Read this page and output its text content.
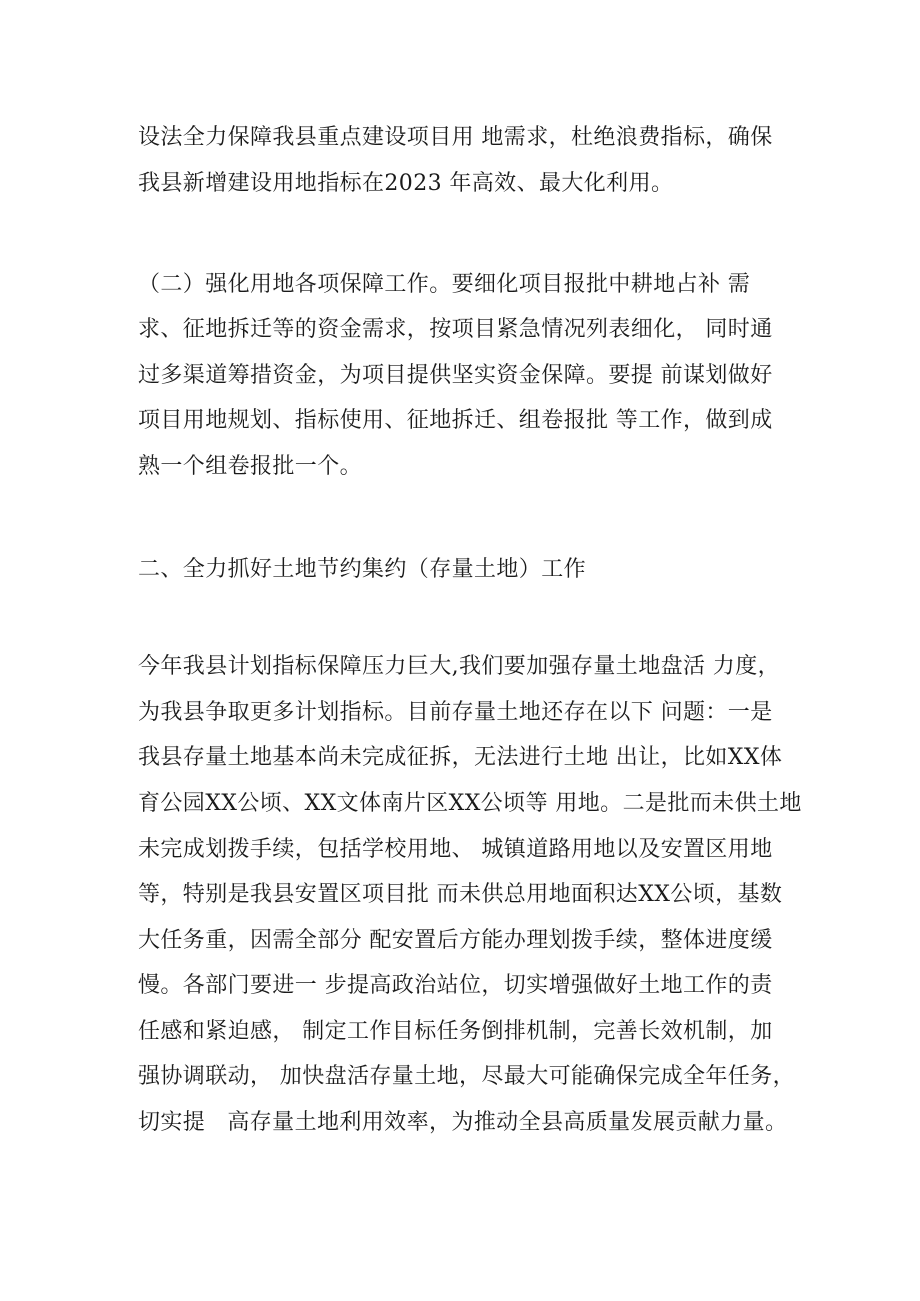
设法全力保障我县重点建设项目用 地需求，杜绝浪费指标，确保
我县新增建设用地指标在2023 年高效、最大化利用。
（二）强化用地各项保障工作。要细化项目报批中耕地占补 需
求、征地拆迁等的资金需求，按项目紧急情况列表细化， 同时通
过多渠道筹措资金，为项目提供坚实资金保障。要提 前谋划做好
项目用地规划、指标使用、征地拆迁、组卷报批 等工作，做到成
熟一个组卷报批一个。
二、全力抓好土地节约集约（存量土地）工作
今年我县计划指标保障压力巨大,我们要加强存量土地盘活 力度，
为我县争取更多计划指标。目前存量土地还存在以下 问题：一是
我县存量土地基本尚未完成征拆，无法进行土地 出让，比如XX体
育公园XX公顷、XX文体南片区XX公顷等 用地。二是批而未供土地
未完成划拨手续，包括学校用地、 城镇道路用地以及安置区用地
等，特别是我县安置区项目批 而未供总用地面积达XX公顷，基数
大任务重，因需全部分 配安置后方能办理划拨手续，整体进度缓
慢。各部门要进一 步提高政治站位，切实增强做好土地工作的责
任感和紧迫感， 制定工作目标任务倒排机制，完善长效机制，加
强协调联动， 加快盘活存量土地，尽最大可能确保完成全年任务，
切实提   高存量土地利用效率，为推动全县高质量发展贡献力量。
